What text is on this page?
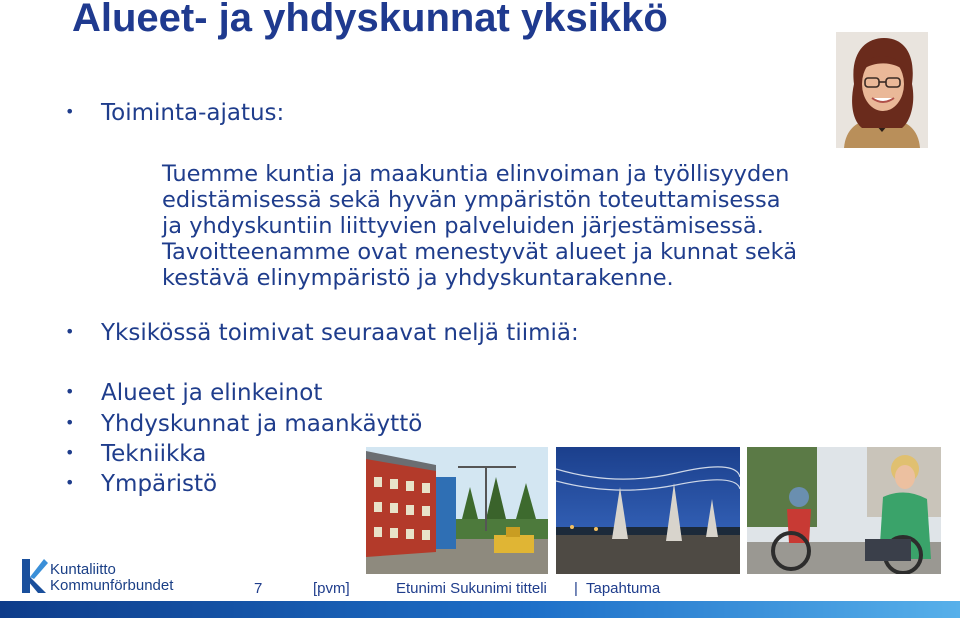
Alueet- ja yhdyskunnat yksikkö
• Toiminta-ajatus:
Tuemme kuntia ja maakuntia elinvoiman ja työllisyyden
edistämisessä sekä hyvän ympäristön toteuttamisessa
ja yhdyskuntiin liittyvien palveluiden järjestämisessä.
Tavoitteenamme ovat menestyvät alueet ja kunnat sekä
kestävä elinympäristö ja yhdyskuntarakenne.
• Yksikössä toimivat seuraavat neljä tiimiä:
• Alueet ja elinkeinot
• Yhdyskunnat ja maankäyttö
• Tekniikka
• Ympäristö
Kuntaliitto
Kommunförbundet	7	[pvm]	Etunimi Sukunimi titteli | Tapahtuma
